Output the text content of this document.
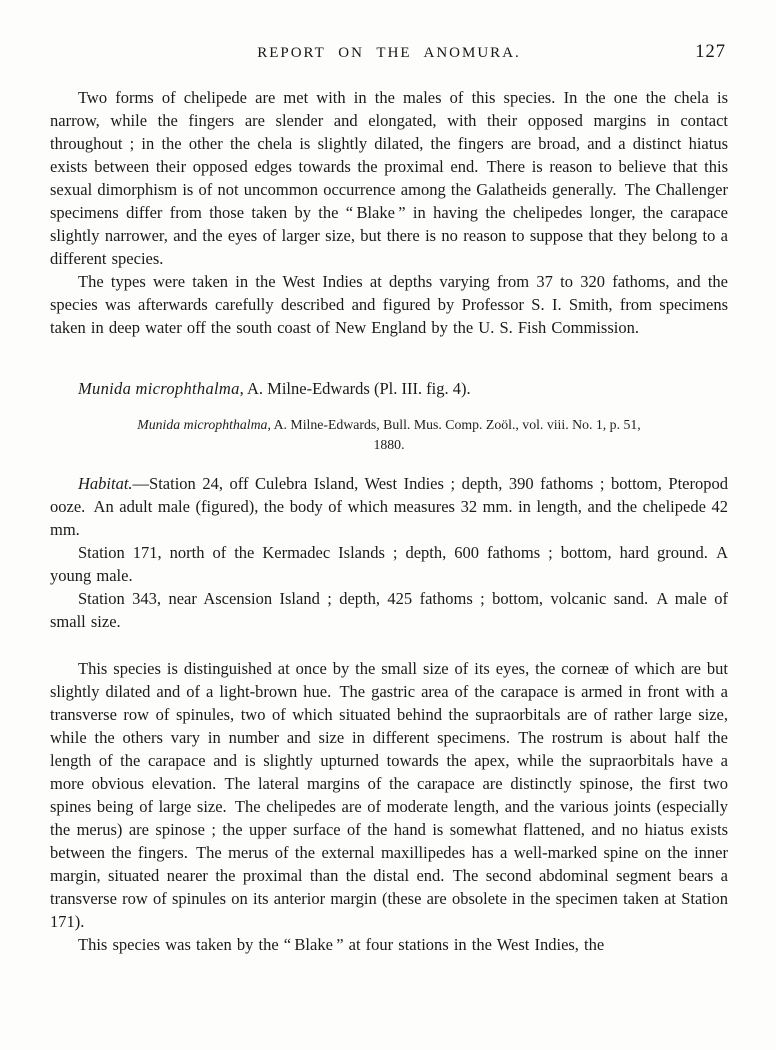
REPORT ON THE ANOMURA.	127

Two forms of chelipede are met with in the males of this species. In the one the chela is narrow, while the fingers are slender and elongated, with their opposed margins in contact throughout ; in the other the chela is slightly dilated, the fingers are broad, and a distinct hiatus exists between their opposed edges towards the proximal end. There is reason to believe that this sexual dimorphism is of not uncommon occurrence among the Galatheids generally. The Challenger specimens differ from those taken by the “ Blake ” in having the chelipedes longer, the carapace slightly narrower, and the eyes of larger size, but there is no reason to suppose that they belong to a different species.

The types were taken in the West Indies at depths varying from 37 to 320 fathoms, and the species was afterwards carefully described and figured by Professor S. I. Smith, from specimens taken in deep water off the south coast of New England by the U. S. Fish Commission.

Munida microphthalma, A. Milne-Edwards (Pl. III. fig. 4).

Munida microphthalma, A. Milne-Edwards, Bull. Mus. Comp. Zoöl., vol. viii. No. 1, p. 51,
1880.

Habitat.—Station 24, off Culebra Island, West Indies ; depth, 390 fathoms ; bottom, Pteropod ooze. An adult male (figured), the body of which measures 32 mm. in length, and the chelipede 42 mm.

Station 171, north of the Kermadec Islands ; depth, 600 fathoms ; bottom, hard ground. A young male.

Station 343, near Ascension Island ; depth, 425 fathoms ; bottom, volcanic sand. A male of small size.

This species is distinguished at once by the small size of its eyes, the corneæ of which are but slightly dilated and of a light-brown hue. The gastric area of the carapace is armed in front with a transverse row of spinules, two of which situated behind the supraorbitals are of rather large size, while the others vary in number and size in different specimens. The rostrum is about half the length of the carapace and is slightly upturned towards the apex, while the supraorbitals have a more obvious elevation. The lateral margins of the carapace are distinctly spinose, the first two spines being of large size. The chelipedes are of moderate length, and the various joints (especially the merus) are spinose ; the upper surface of the hand is somewhat flattened, and no hiatus exists between the fingers. The merus of the external maxillipedes has a well-marked spine on the inner margin, situated nearer the proximal than the distal end. The second abdominal segment bears a transverse row of spinules on its anterior margin (these are obsolete in the specimen taken at Station 171).

This species was taken by the “ Blake ” at four stations in the West Indies, the
